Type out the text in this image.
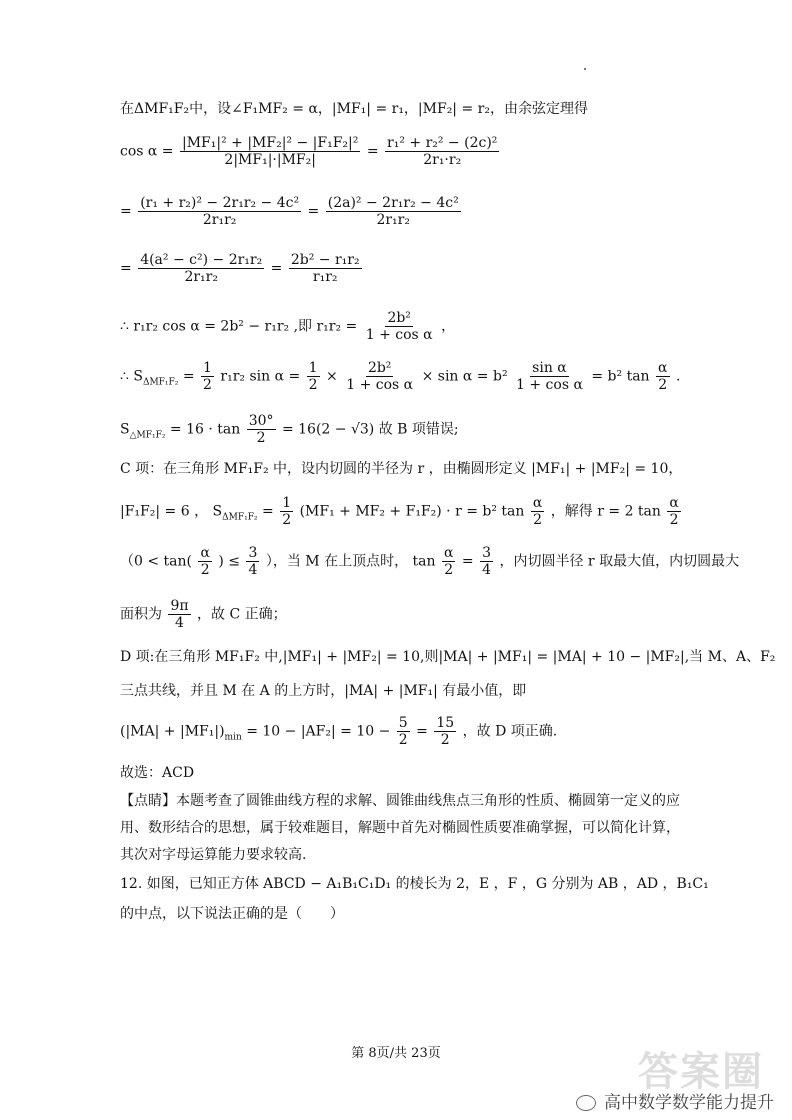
在ΔMF₁F₂中，设∠F₁MF₂ = α，|MF₁| = r₁，|MF₂| = r₂，由余弦定理得
$\cos \alpha = \frac{\text{|MF₁|² + |MF₂|² − |F₁F₂|²}}{\text{2|MF₁|·|MF₂|}} = \frac{\text{r₁² + r₂² − (2c)²}}{\text{2r₁·r₂}}$
= $\frac{\text{(r₁ + r₂)² − 2r₁r₂ − 4c²}}{\text{2r₁r₂}} = \frac{\text{(2a)² − 2r₁r₂ − 4c²}}{\text{2r₁r₂}}$
= $\frac{\text{4(a² − c²) − 2r₁r₂}}{\text{2r₁r₂}} = \frac{\text{2b² − r₁r₂}}{\text{r₁r₂}}$
∴ r₁r₂ cos α = 2b² − r₁r₂ ,即 $r_1r_2 = \frac{\text{2b²}}{\text{1 + cos α}}$ ，
∴ $S_{\Delta MF_1F_2} = \frac{1}{2} r_1r_2$ $\sin \alpha = \frac{1}{2} \times \frac{\text{2b²}}{\text{1 + cos α}} \times \sin \alpha = b^2 \frac{\text{sin α}}{\text{1 + cos α}} = b^2$ $\tan \frac{\alpha}{2}$ .
$S_{\triangle MF_1F_2} = 16 \cdot \tan \frac{30^\circ}{2} = 16(2 - √3)$ 故 B 项错误;
C 项：在三角形 MF₁F₂ 中，设内切圆的半径为 r ，由椭圆形定义 |MF₁| + |MF₂| = 10，
|F₁F₂| = 6 ， $S_{\Delta MF_1F_2} = \frac{1}{2} (MF_1 + MF_2 + F_1F_2) \cdot r = b^2$ $\tan \frac{\alpha}{2}$ ，解得 r = 2 $\tan \frac{\alpha}{2}$
（$0 < \tan( \frac{\alpha}{2}$ ) ≤ $\frac{3}{4}$ ），当 M 在上顶点时， $\tan \frac{\alpha}{2} = \frac{3}{4}$ ，内切圆半径 r 取最大值，内切圆最大
面积为 $\frac{9\pi}{4}$ ，故 C 正确；
D 项:在三角形 MF₁F₂ 中,|MF₁| + |MF₂| = 10,则|MA| + |MF₁| = |MA| + 10 − |MF₂|,当 M、A、F₂
三点共线，并且 M 在 A 的上方时，|MA| + |MF₁| 有最小值，即
$(|MA| + |MF_1|)_{min} = 10 - |AF_2| = 10 - \frac{5}{2} = \frac{15}{2}$ ，故 D 项正确.
故选：ACD
【点睛】本题考查了圆锥曲线方程的求解、圆锥曲线焦点三角形的性质、椭圆第一定义的应
用、数形结合的思想，属于较难题目，解题中首先对椭圆性质要准确掌握，可以简化计算，
其次对字母运算能力要求较高.
12. 如图，已知正方体 ABCD − A₁B₁C₁D₁ 的棱长为 2，E ，F ，G 分别为 AB ，AD ，B₁C₁
的中点，以下说法正确的是（　　）
第 8页/共 23页	答案圈
高中数学数学能力提升
